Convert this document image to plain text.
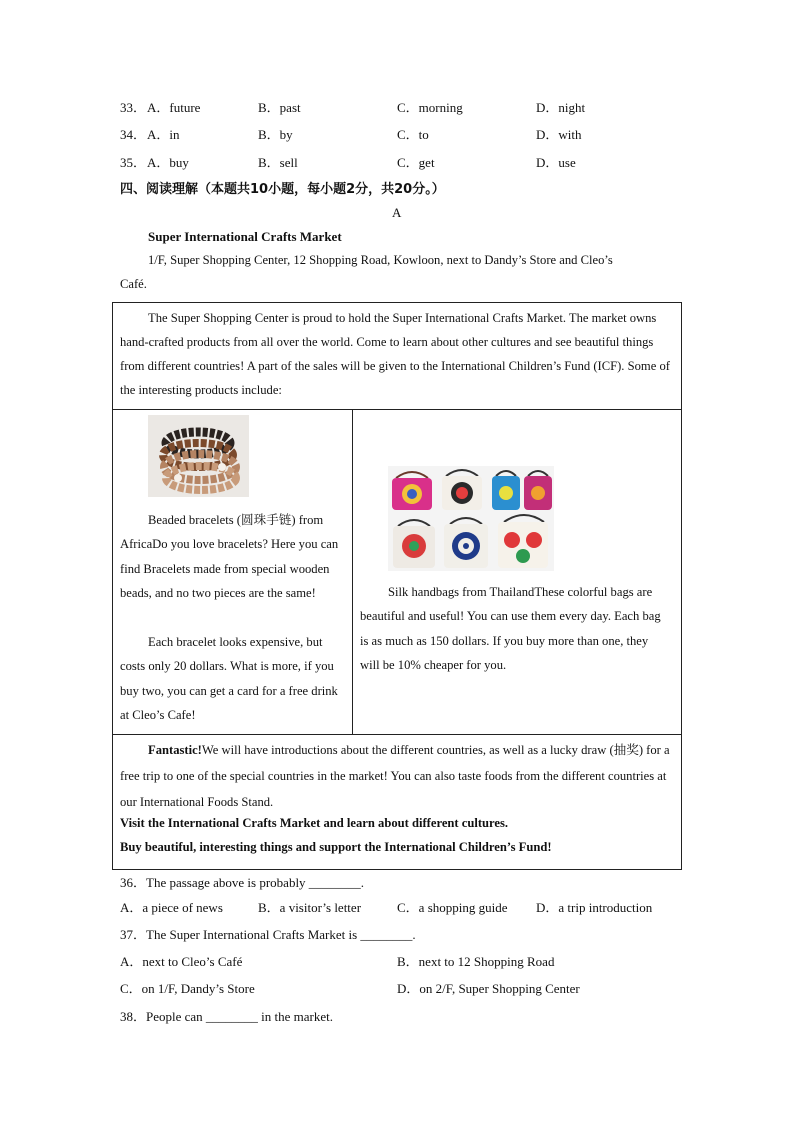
33． A．future	B．past	C．morning	D．night
34． A．in	B．by	C．to	D．with
35． A．buy	B．sell	C．get	D．use
四、阅读理解（本题共10小题，每小题2分，共20分。）
A
Super International Crafts Market
1/F, Super Shopping Center, 12 Shopping Road, Kowloon, next to Dandy’s Store and Cleo’s
Café.
The Super Shopping Center is proud to hold the Super International Crafts Market. The market owns hand-crafted products from all over the world. Come to learn about other cultures and see beautiful things from different countries! A part of the sales will be given to the International Children’s Fund (ICF). Some of the interesting products include:
Beaded bracelets (圆珠手链) from AfricaDo you love bracelets? Here you can find Bracelets made from special wooden beads, and no two pieces are the same!
Each bracelet looks expensive, but costs only 20 dollars. What is more, if you buy two, you can get a card for a free drink at Cleo’s Cafe!
Silk handbags from ThailandThese colorful bags are beautiful and useful! You can use them every day. Each bag is as much as 150 dollars. If you buy more than one, they will be 10% cheaper for you.
Fantastic!We will have introductions about the different countries, as well as a lucky draw (抽奖) for a free trip to one of the special countries in the market! You can also taste foods from the different countries at our International Foods Stand.
Visit the International Crafts Market and learn about different cultures.
Buy beautiful, interesting things and support the International Children’s Fund!
36．The passage above is probably ________.
A．a piece of news	B．a visitor’s letter	C．a shopping guide D．a trip introduction
37．The Super International Crafts Market is ________.
A．next to Cleo’s Café	B．next to 12 Shopping Road
C．on 1/F, Dandy’s Store	D．on 2/F, Super Shopping Center
38．People can ________ in the market.
